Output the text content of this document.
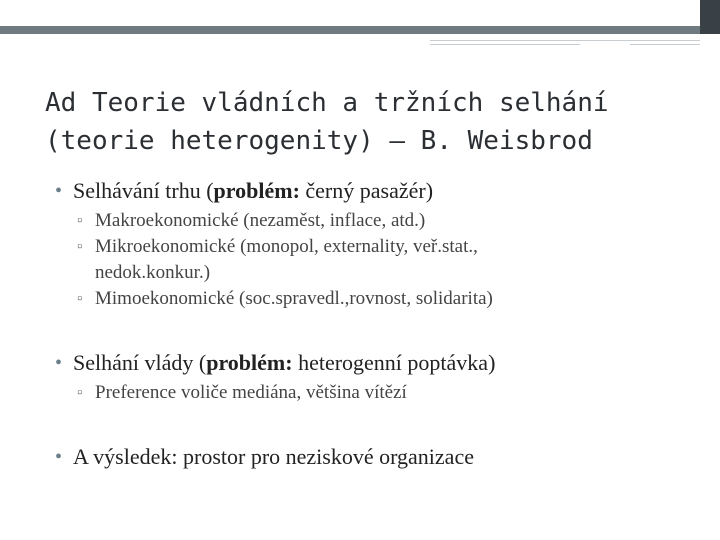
Ad Teorie vládních a tržních selhání
(teorie heterogenity) – B. Weisbrod
• Selhávání trhu (problém: černý pasažér)
▫ Makroekonomické (nezaměst, inflace, atd.)
▫ Mikroekonomické (monopol, externality, veř.stat.,
nedok.konkur.)
▫ Mimoekonomické (soc.spravedl.,rovnost, solidarita)
• Selhání vlády (problém: heterogenní poptávka)
▫ Preference voliče mediána, většina vítězí
• A výsledek: prostor pro neziskové organizace
